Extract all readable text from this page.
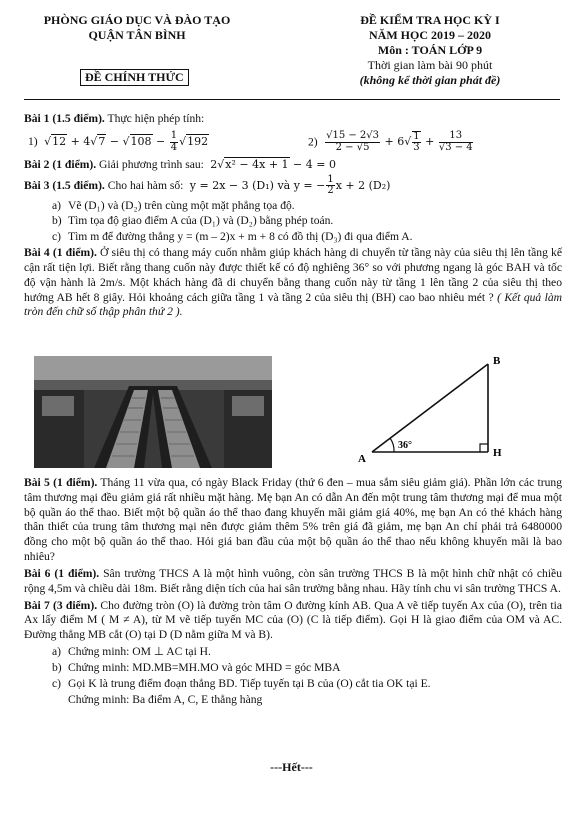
PHÒNG GIÁO DỤC VÀ ĐÀO TẠO
QUẬN TÂN BÌNH
ĐỀ CHÍNH THỨC
ĐỀ KIỂM TRA HỌC KỲ I
NĂM HỌC 2019 – 2020
Môn : TOÁN LỚP 9
Thời gian làm bài 90 phút
(không kể thời gian phát đề)

Bài 1 (1.5 điểm). Thực hiện phép tính:

1)  $√12 + 4√7 - √108 - \frac{1}{4} √192$	$2) \frac{√15 - 2√3}{2 - √5} + 6√ \frac{1}{3} + \frac{13}{√3 - 4}$

Bài 2 (1 điểm). Giải phương trình sau:  2√x² − 4x + 1 − 4 = 0

Bài 3 (1.5 điểm). Cho hai hàm số:  y = 2x − 3 (D₁) và y = − $\frac{1}{2}$ x + 2 (D₂)

a) Vẽ (D₁) và (D₂) trên cùng một mặt phẳng tọa độ.
b) Tìm tọa độ giao điểm A của (D₁) và (D₂) bằng phép toán.
c) Tìm m để đường thẳng y = (m – 2)x + m + 8 có đồ thị (D₃) đi qua điểm A.

Bài 4 (1 điểm). Ở siêu thị có thang máy cuốn nhằm giúp khách hàng di chuyển từ tầng này của siêu thị lên tầng kế cận rất tiện lợi. Biết rằng thang cuốn này được thiết kế có độ nghiêng 36° so với phương ngang là góc BAH và tốc độ vận hành là 2m/s. Một khách hàng đã di chuyển bằng thang cuốn này từ tầng 1 lên tầng 2 của siêu thị theo hướng AB hết 8 giây. Hỏi khoảng cách giữa tầng 1 và tầng 2 của siêu thị (BH) cao bao nhiêu mét ? ( Kết quả làm tròn đến chữ số thập phân thứ 2 ).

A
B
H
36°

Bài 5 (1 điểm). Tháng 11 vừa qua, có ngày Black Friday (thứ 6 đen – mua sắm siêu giảm giá). Phần lớn các trung tâm thương mại đều giảm giá rất nhiều mặt hàng. Mẹ bạn An có dẫn An đến một trung tâm thương mại để mua một bộ quần áo thể thao. Biết một bộ quần áo thể thao đang khuyến mãi giảm giá 40%, mẹ bạn An có thẻ khách hàng thân thiết của trung tâm thương mại nên được giảm thêm 5% trên giá đã giảm, mẹ bạn An chỉ phải trả 6480000 đồng cho một bộ quần áo thể thao. Hỏi giá ban đầu của một bộ quần áo thể thao nếu không khuyến mãi là bao nhiêu?

Bài 6 (1 điểm). Sân trường THCS A là một hình vuông, còn sân trường THCS B là một hình chữ nhật có chiều rộng 4,5m và chiều dài 18m. Biết rằng diện tích của hai sân trường bằng nhau. Hãy tính chu vi sân trường THCS A.

Bài 7 (3 điểm). Cho đường tròn (O) là đường tròn tâm O đường kính AB. Qua A vẽ tiếp tuyến Ax của (O), trên tia Ax lấy điểm M ( M ≠ A), từ M vẽ tiếp tuyến MC của (O) (C là tiếp điểm). Gọi H là giao điểm của OM và AC. Đường thẳng MB cắt (O) tại D (D nằm giữa M và B).

a) Chứng minh: OM ⊥ AC tại H.
b) Chứng minh: MD.MB=MH.MO và góc MHD = góc MBA
c) Gọi K là trung điểm đoạn thẳng BD. Tiếp tuyến tại B của (O) cắt tia OK tại E.
Chứng minh: Ba điểm A, C, E thẳng hàng
---Hết---
